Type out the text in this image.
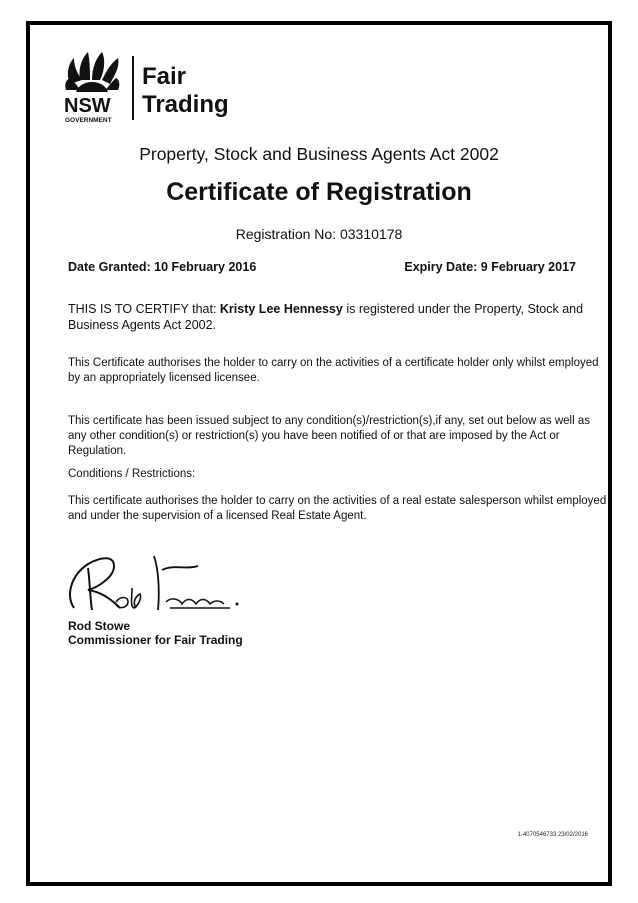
NSW
GOVERNMENT
Fair
Trading
Property, Stock and Business Agents Act 2002
Certificate of Registration
Registration No: 03310178
Date Granted: 10 February 2016	Expiry Date: 9 February 2017
THIS IS TO CERTIFY that: Kristy Lee Hennessy is registered under the Property, Stock and Business Agents Act 2002.
This Certificate authorises the holder to carry on the activities of a certificate holder only whilst employed by an appropriately licensed licensee.
This certificate has been issued subject to any condition(s)/restriction(s),if any, set out below as well as any other condition(s) or restriction(s) you have been notified of or that are imposed by the Act or Regulation.
Conditions / Restrictions:
This certificate authorises the holder to carry on the activities of a real estate salesperson whilst employed and under the supervision of a licensed Real Estate Agent.
Rod Stowe
Commissioner for Fair Trading
1-4070546733 23/02/2016
